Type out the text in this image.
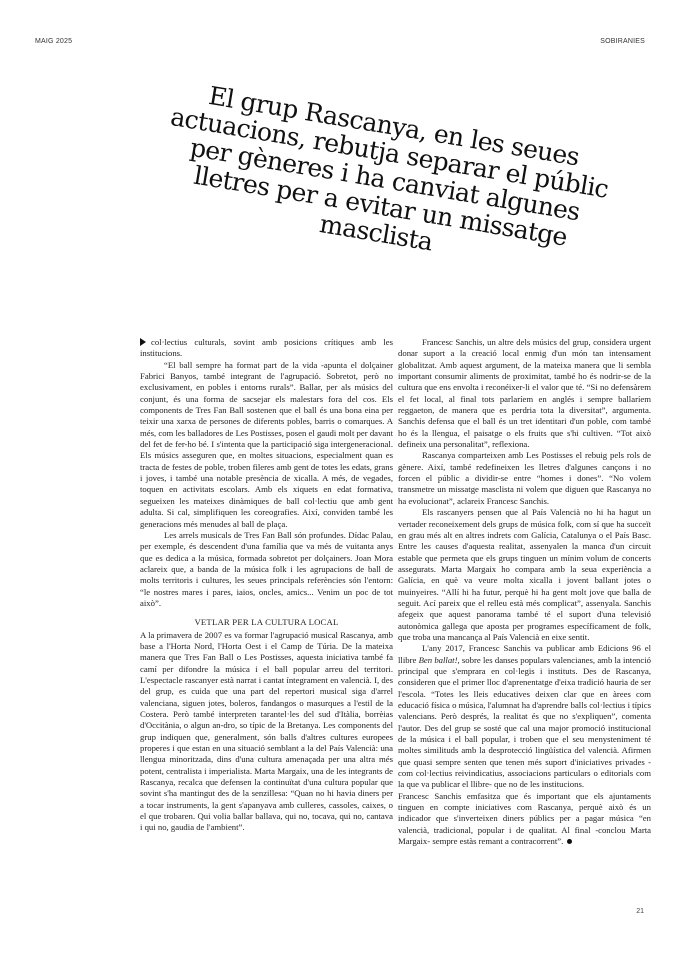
MAIG 2025	SOBIRANIES
El grup Rascanya, en les seues actuacions, rebutja separar el públic per gèneres i ha canviat algunes lletres per a evitar un missatge masclista

col·lectius culturals, sovint amb posicions crítiques amb les institucions.

“El ball sempre ha format part de la vida -apunta el dolçainer Fabrici Banyos, també integrant de l'agrupació. Sobretot, però no exclusivament, en pobles i entorns rurals”. Ballar, per als músics del conjunt, és una forma de sacsejar els malestars fora del cos. Els components de Tres Fan Ball sostenen que el ball és una bona eina per teixir una xarxa de persones de diferents pobles, barris o comarques. A més, com les balladores de Les Postisses, posen el gaudi molt per davant del fet de fer-ho bé. I s'intenta que la participació siga intergeneracional. Els músics asseguren que, en moltes situacions, especialment quan es tracta de festes de poble, troben fileres amb gent de totes les edats, grans i joves, i també una notable presència de xicalla. A més, de vegades, toquen en activitats escolars. Amb els xiquets en edat formativa, segueixen les mateixes dinàmiques de ball col·lectiu que amb gent adulta. Si cal, simplifiquen les coreografies. Així, conviden també les generacions més menudes al ball de plaça.

Les arrels musicals de Tres Fan Ball són profundes. Dídac Palau, per exemple, és descendent d'una família que va més de vuitanta anys que es dedica a la música, formada sobretot per dolçainers. Joan Mora aclareix que, a banda de la música folk i les agrupacions de ball de molts territoris i cultures, les seues principals referències són l'entorn: “le nostres mares i pares, iaios, oncles, amics... Venim un poc de tot això”.

VETLAR PER LA CULTURA LOCAL

A la primavera de 2007 es va formar l'agrupació musical Rascanya, amb base a l'Horta Nord, l'Horta Oest i el Camp de Túria. De la mateixa manera que Tres Fan Ball o Les Postisses, aquesta iniciativa també fa camí per difondre la música i el ball popular arreu del territori. L'espectacle rascanyer està narrat i cantat íntegrament en valencià. I, des del grup, es cuida que una part del repertori musical siga d'arrel valenciana, siguen jotes, boleros, fandangos o masurques a l'estil de la Costera. Però també interpreten tarantel·les del sud d'Itàlia, borrèias d'Occitània, o algun an-dro, so típic de la Bretanya. Les components del grup indiquen que, generalment, són balls d'altres cultures europees properes i que estan en una situació semblant a la del País Valencià: una llengua minoritzada, dins d'una cultura amenaçada per una altra més potent, centralista i imperialista. Marta Margaix, una de les integrants de Rascanya, recalca que defensen la continuïtat d'una cultura popular que sovint s'ha mantingut des de la senzillesa: “Quan no hi havia diners per a tocar instruments, la gent s'apanyava amb culleres, cassoles, caixes, o el que trobaren. Qui volia ballar ballava, qui no, tocava, qui no, cantava i qui no, gaudia de l'ambient”.

Francesc Sanchis, un altre dels músics del grup, considera urgent donar suport a la creació local enmig d'un món tan intensament globalitzat. Amb aquest argument, de la mateixa manera que li sembla important consumir aliments de proximitat, també ho és nodrir-se de la cultura que ens envolta i reconéixer-li el valor que té. “Si no defensàrem el fet local, al final tots parlaríem en anglés i sempre ballaríem reggaeton, de manera que es perdria tota la diversitat”, argumenta. Sanchis defensa que el ball és un tret identitari d'un poble, com també ho és la llengua, el paisatge o els fruits que s'hi cultiven. “Tot això defineix una personalitat”, reflexiona.

Rascanya comparteixen amb Les Postisses el rebuig pels rols de gènere. Així, també redefineixen les lletres d'algunes cançons i no forcen el públic a dividir-se entre “homes i dones”. “No volem transmetre un missatge masclista ni volem que diguen que Rascanya no ha evolucionat”, aclareix Francesc Sanchis.

Els rascanyers pensen que al País Valencià no hi ha hagut un vertader reconeixement dels grups de música folk, com sí que ha succeït en grau més alt en altres indrets com Galícia, Catalunya o el País Basc. Entre les causes d'aquesta realitat, assenyalen la manca d'un circuit estable que permeta que els grups tinguen un mínim volum de concerts assegurats. Marta Margaix ho compara amb la seua experiència a Galícia, en què va veure molta xicalla i jovent ballant jotes o muinyeires. “Allí hi ha futur, perquè hi ha gent molt jove que balla de seguit. Ací pareix que el relleu està més complicat”, assenyala. Sanchis afegeix que aquest panorama també té el suport d'una televisió autonòmica gallega que aposta per programes específicament de folk, que troba una mancança al País Valencià en eixe sentit.

L'any 2017, Francesc Sanchis va publicar amb Edicions 96 el llibre Ben ballat!, sobre les danses populars valencianes, amb la intenció principal que s'emprara en col·legis i instituts. Des de Rascanya, consideren que el primer lloc d'aprenentatge d'eixa tradició hauria de ser l'escola. “Totes les lleis educatives deixen clar que en àrees com educació física o música, l'alumnat ha d'aprendre balls col·lectius i típics valencians. Però després, la realitat és que no s'expliquen”, comenta l'autor. Des del grup se sosté que cal una major promoció institucional de la música i el ball popular, i troben que el seu menysteniment té moltes similituds amb la desprotecció lingüística del valencià. Afirmen que quasi sempre senten que tenen més suport d'iniciatives privades -com col·lectius reivindicatius, associacions particulars o editorials com la que va publicar el llibre- que no de les institucions.

Francesc Sanchis emfasitza que és important que els ajuntaments tinguen en compte iniciatives com Rascanya, perquè això és un indicador que s'inverteixen diners públics per a pagar música “en valencià, tradicional, popular i de qualitat. Al final -conclou Marta Margaix- sempre estàs remant a contracorrent”.

21
